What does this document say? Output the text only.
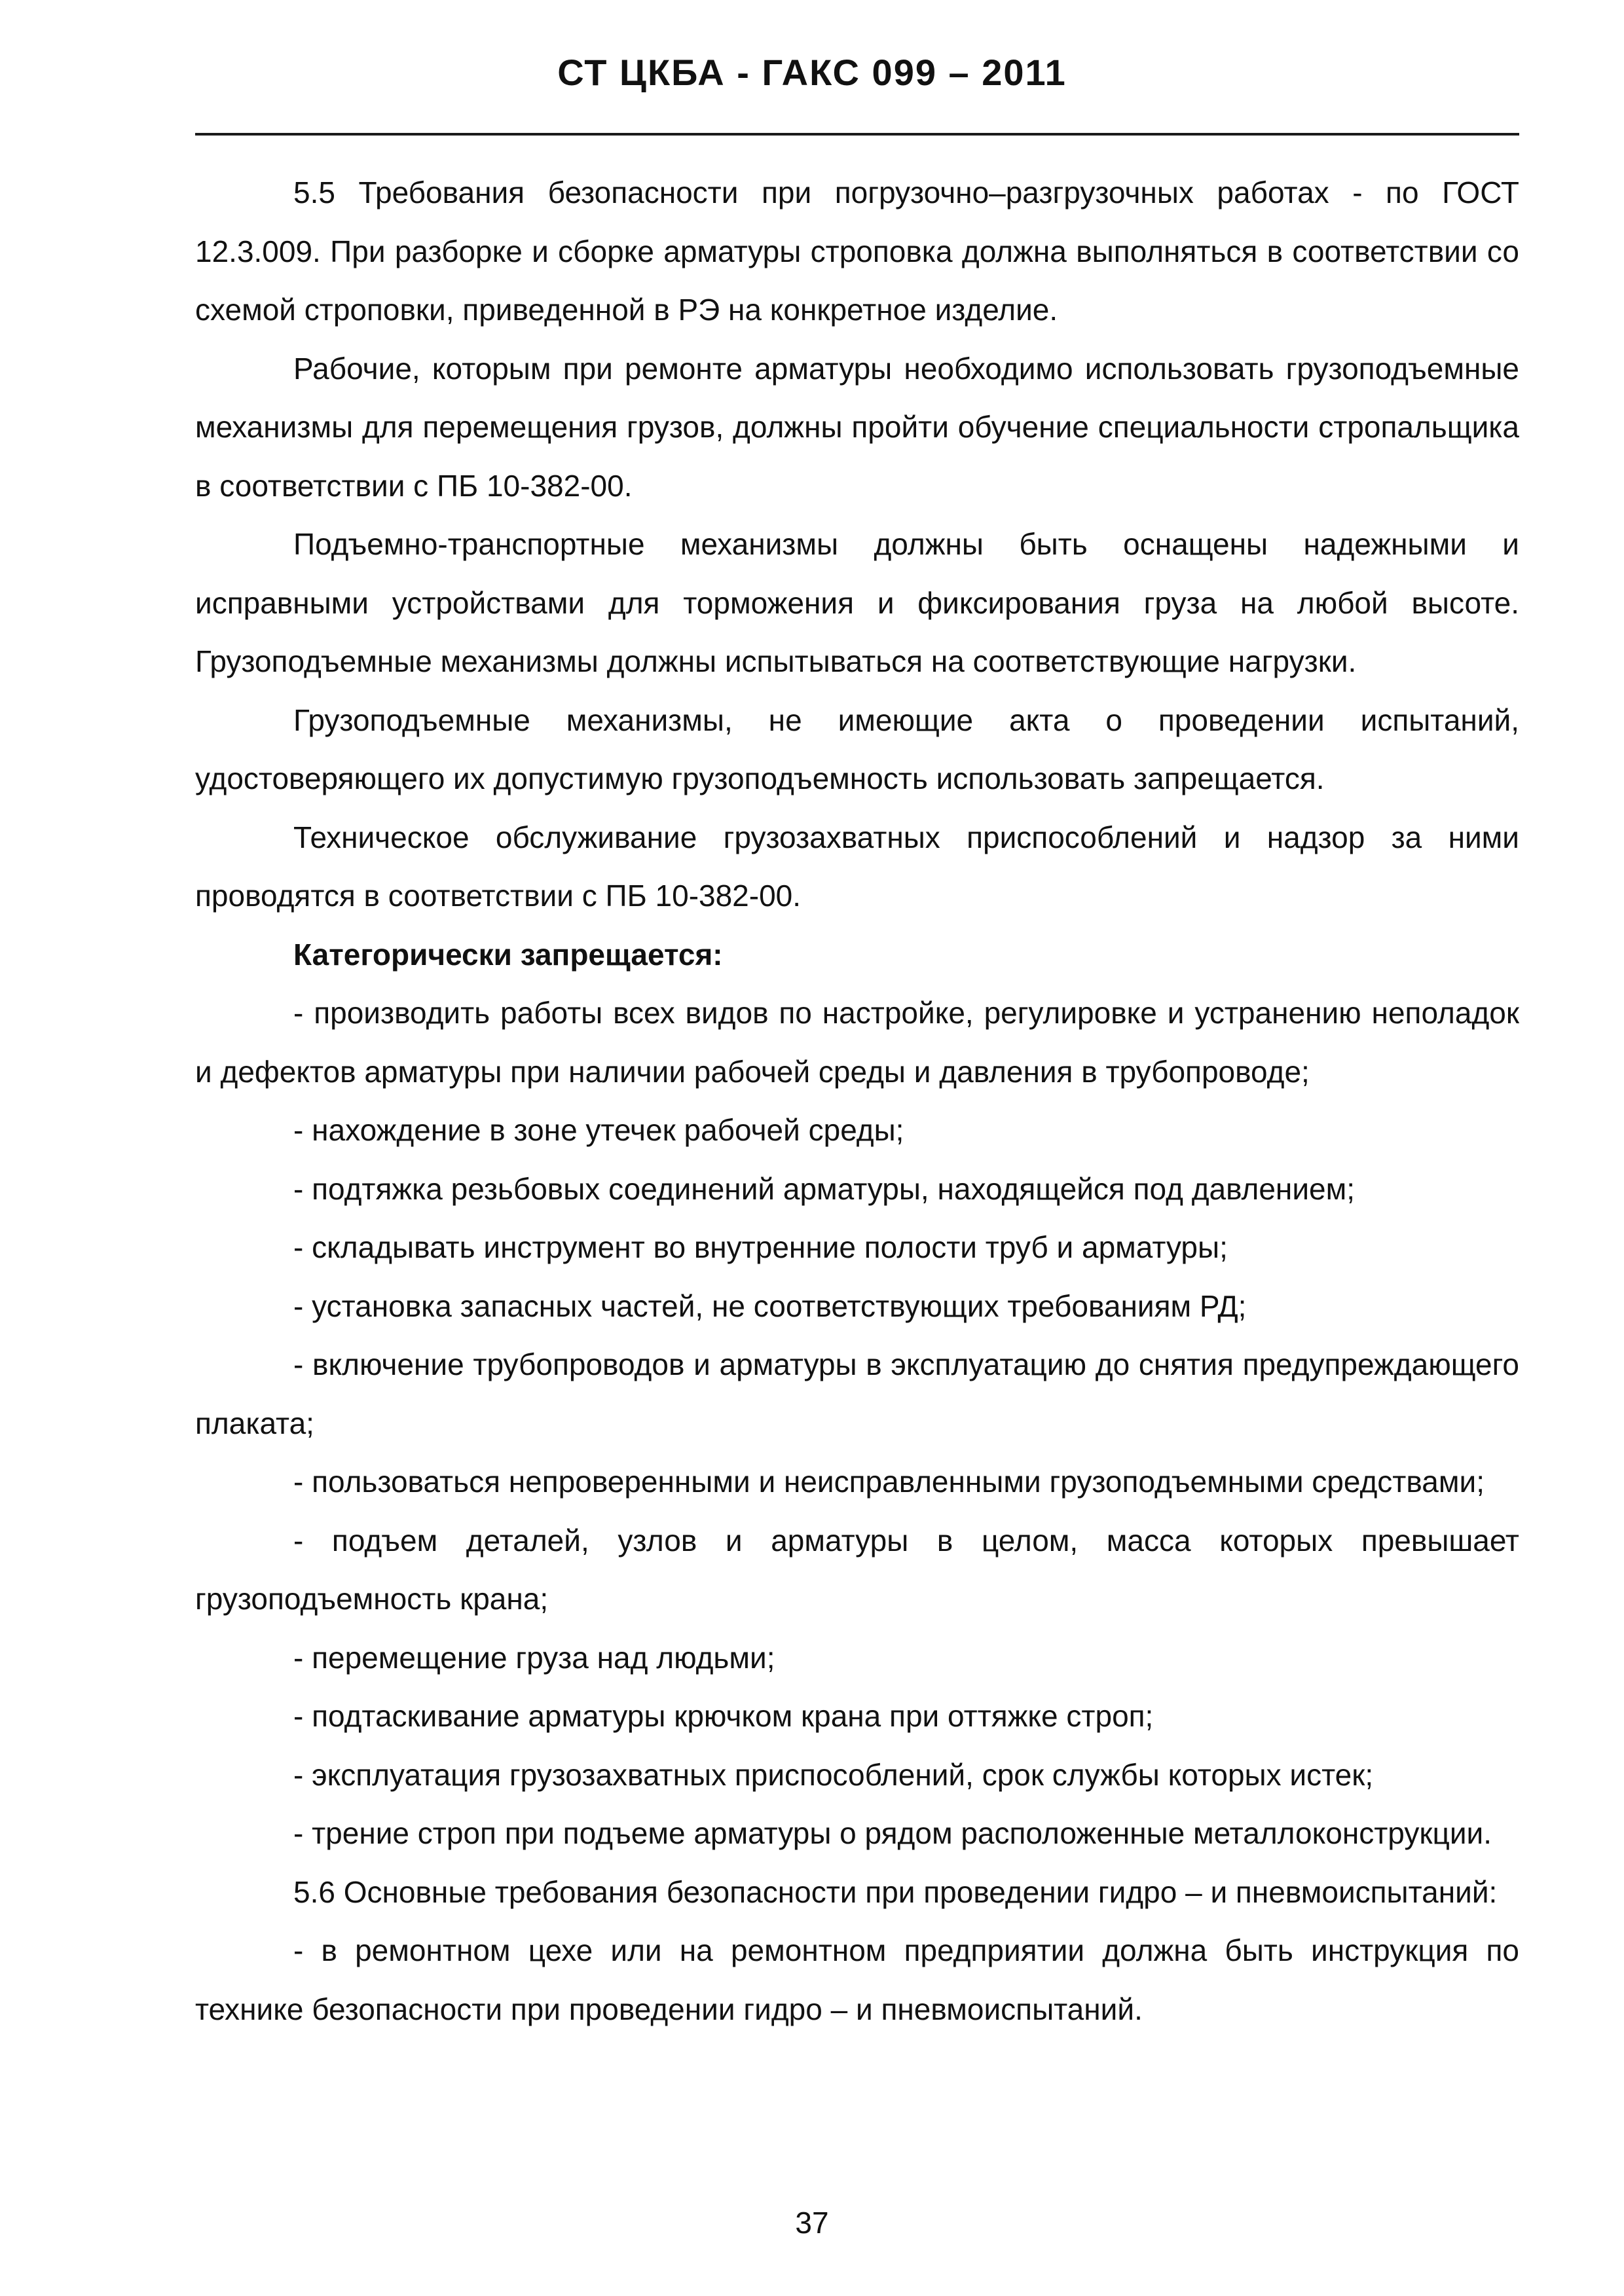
СТ ЦКБА - ГАКС 099 – 2011

5.5 Требования безопасности при погрузочно–разгрузочных работах - по ГОСТ 12.3.009. При разборке и сборке арматуры строповка должна выполняться в соответствии со схемой строповки, приведенной в РЭ на конкретное изделие.

Рабочие, которым при ремонте арматуры необходимо использовать грузоподъемные механизмы для перемещения грузов, должны пройти обучение специальности стропальщика в соответствии с ПБ 10-382-00.

Подъемно-транспортные механизмы должны быть оснащены надежными и исправными устройствами для торможения и фиксирования груза на любой высоте. Грузоподъемные механизмы должны испытываться на соответствующие нагрузки.

Грузоподъемные механизмы, не имеющие акта о проведении испытаний, удостоверяющего их допустимую грузоподъемность использовать запрещается.

Техническое обслуживание грузозахватных приспособлений и надзор за ними проводятся в соответствии с ПБ 10-382-00.

Категорически запрещается:

- производить работы всех видов по настройке, регулировке и устранению неполадок и дефектов арматуры при наличии рабочей среды и давления в трубопроводе;

- нахождение в зоне утечек рабочей среды;

- подтяжка резьбовых соединений арматуры, находящейся под давлением;

- складывать инструмент во внутренние полости труб и арматуры;

- установка запасных частей, не соответствующих требованиям РД;

- включение трубопроводов и арматуры в эксплуатацию до снятия предупреждающего плаката;

- пользоваться непроверенными и неисправленными грузоподъемными средствами;

- подъем деталей, узлов и арматуры в целом, масса которых превышает грузоподъемность крана;

- перемещение груза над людьми;

- подтаскивание арматуры крючком крана при оттяжке строп;

- эксплуатация грузозахватных приспособлений, срок службы которых истек;

- трение строп при подъеме арматуры о рядом расположенные металлоконструкции.

5.6 Основные требования безопасности при проведении гидро – и пневмоиспытаний:

- в ремонтном цехе или на ремонтном предприятии должна быть инструкция по технике безопасности при проведении гидро – и пневмоиспытаний.

37
